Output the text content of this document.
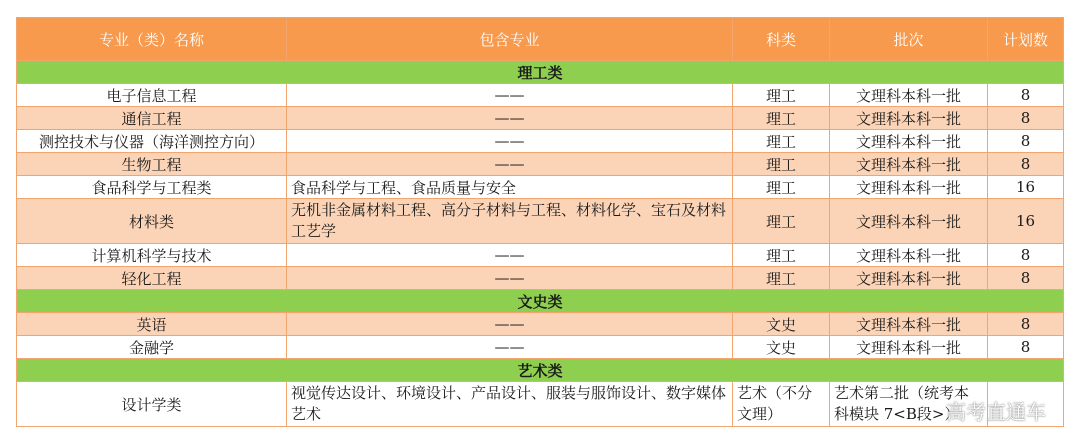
专业（类）名称	包含专业	科类	批次	计划数
理工类				
电子信息工程	——	理工	文理科本科一批	8
通信工程	——	理工	文理科本科一批	8
测控技术与仪器（海洋测控方向）	——	理工	文理科本科一批	8
生物工程	——	理工	文理科本科一批	8
食品科学与工程类	食品科学与工程、食品质量与安全	理工	文理科本科一批	16
材料类	无机非金属材料工程、高分子材料与工程、材料化学、宝石及材料工艺学	理工	文理科本科一批	16
计算机科学与技术	——	理工	文理科本科一批	8
轻化工程	——	理工	文理科本科一批	8
文史类				
英语	——	文史	文理科本科一批	8
金融学	——	文史	文理科本科一批	8
艺术类				
设计学类	视觉传达设计、环境设计、产品设计、服装与服饰设计、数字媒体艺术	艺术（不分文理）	艺术第二批（统考本科模块 7<B段>）	
高考直通车
